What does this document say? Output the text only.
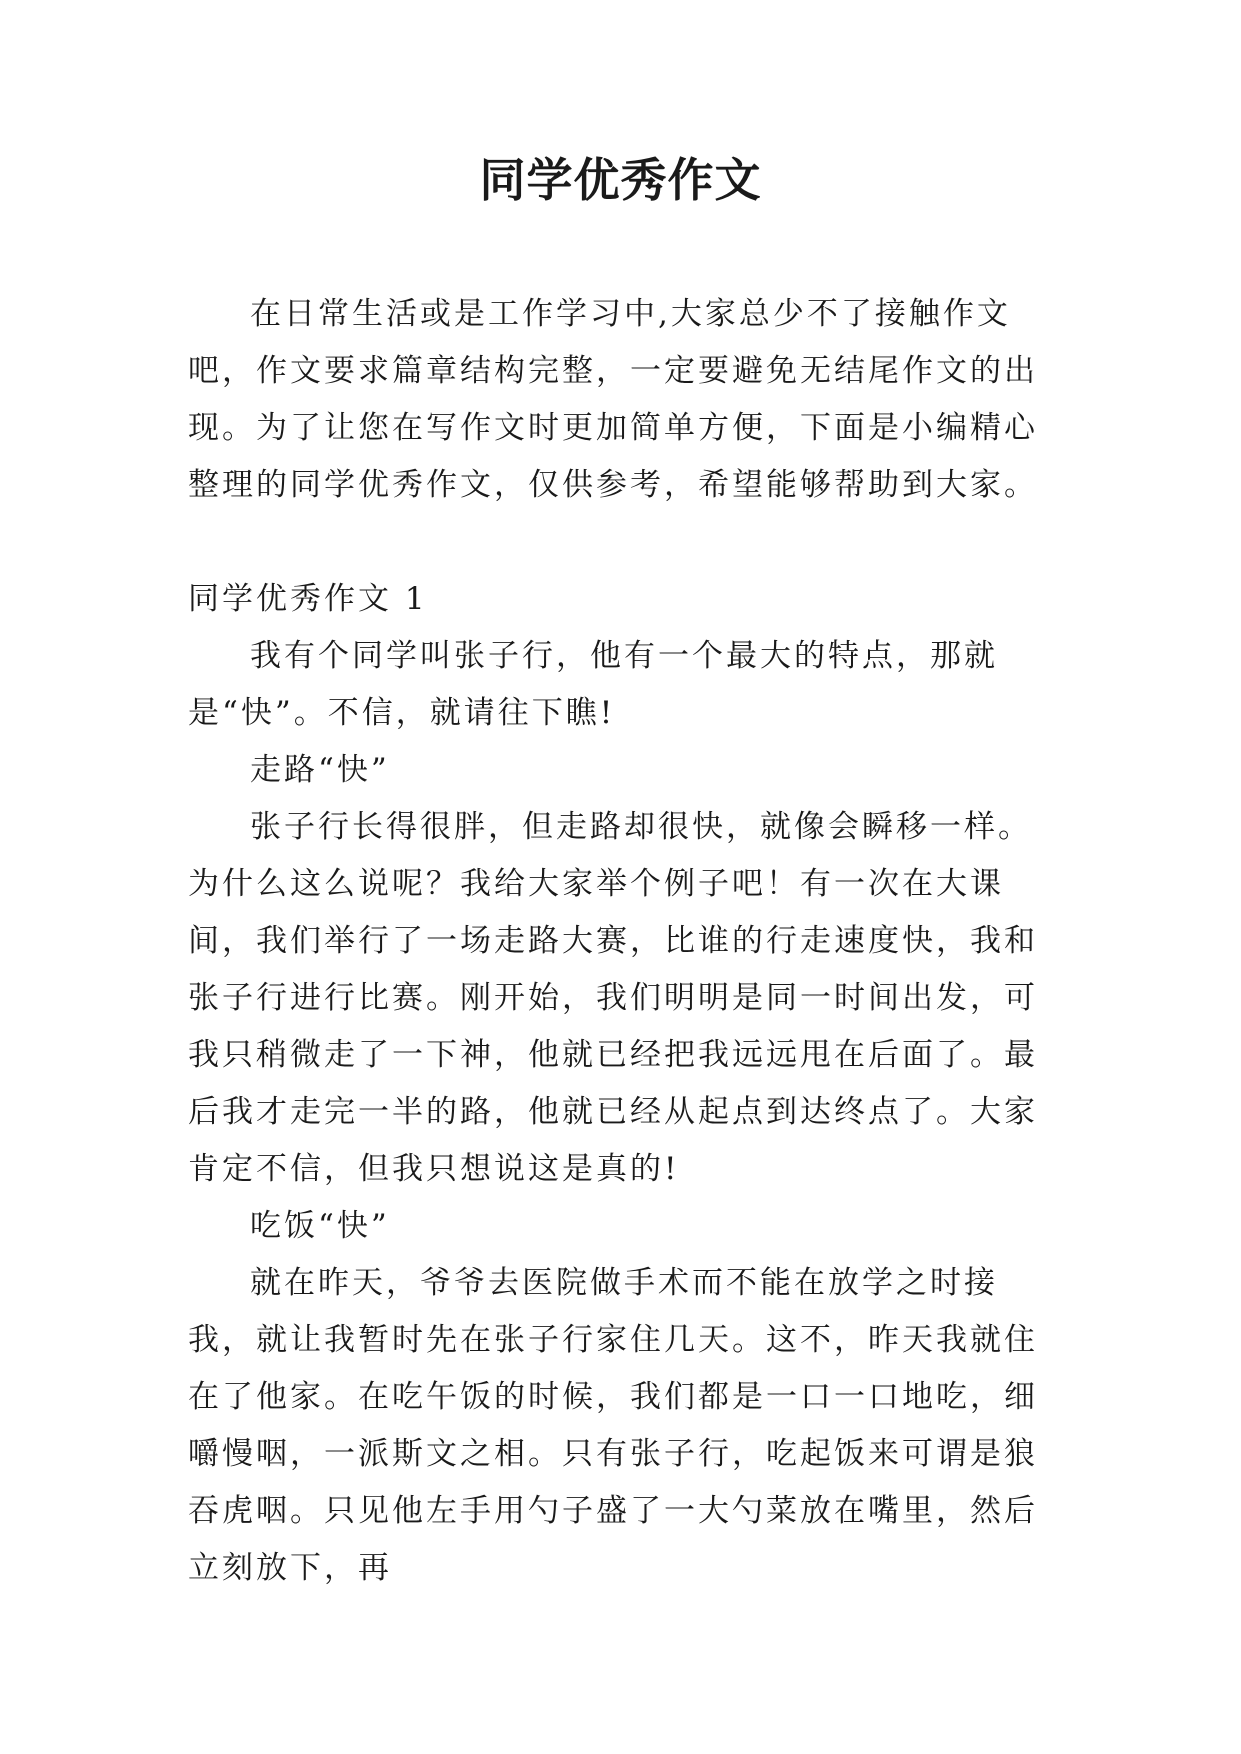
同学优秀作文

在日常生活或是工作学习中,大家总少不了接触作文吧，作文要求篇章结构完整，一定要避免无结尾作文的出现。为了让您在写作文时更加简单方便，下面是小编精心整理的同学优秀作文，仅供参考，希望能够帮助到大家。

同学优秀作文 1

我有个同学叫张子行，他有一个最大的特点，那就是“快”。不信，就请往下瞧!

走路“快”

张子行长得很胖，但走路却很快，就像会瞬移一样。为什么这么说呢？我给大家举个例子吧！有一次在大课间，我们举行了一场走路大赛，比谁的行走速度快，我和张子行进行比赛。刚开始，我们明明是同一时间出发，可我只稍微走了一下神，他就已经把我远远甩在后面了。最后我才走完一半的路，他就已经从起点到达终点了。大家肯定不信，但我只想说这是真的!

吃饭“快”

就在昨天，爷爷去医院做手术而不能在放学之时接我，就让我暂时先在张子行家住几天。这不，昨天我就住在了他家。在吃午饭的时候，我们都是一口一口地吃，细嚼慢咽，一派斯文之相。只有张子行，吃起饭来可谓是狼吞虎咽。只见他左手用勺子盛了一大勺菜放在嘴里，然后立刻放下，再
